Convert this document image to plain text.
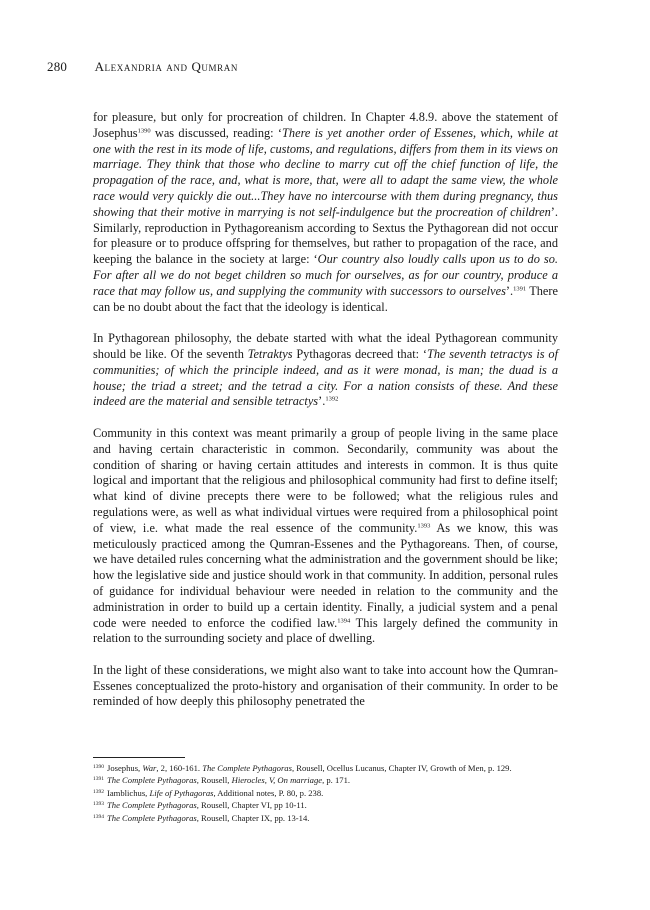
280 Alexandria and Qumran

for pleasure, but only for procreation of children. In Chapter 4.8.9. above the statement of Josephus$^{1390}$ was discussed, reading: ‘There is yet another order of Essenes, which, while at one with the rest in its mode of life, customs, and regulations, differs from them in its views on marriage. They think that those who decline to marry cut off the chief function of life, the propagation of the race, and, what is more, that, were all to adapt the same view, the whole race would very quickly die out...They have no intercourse with them during pregnancy, thus showing that their motive in marrying is not self-indulgence but the procreation of children’. Similarly, reproduction in Pythagoreanism according to Sextus the Pythagorean did not occur for pleasure or to produce offspring for themselves, but rather to propagation of the race, and keeping the balance in the society at large: ‘Our country also loudly calls upon us to do so. For after all we do not beget children so much for ourselves, as for our country, produce a race that may follow us, and supplying the community with successors to ourselves’.$^{1391}$ There can be no doubt about the fact that the ideology is identical.

In Pythagorean philosophy, the debate started with what the ideal Pythagorean community should be like. Of the seventh Tetraktys Pythagoras decreed that: ‘The seventh tetractys is of communities; of which the principle indeed, and as it were monad, is man; the duad is a house; the triad a street; and the tetrad a city. For a nation consists of these. And these indeed are the material and sensible tetractys’.$^{1392}$

Community in this context was meant primarily a group of people living in the same place and having certain characteristic in common. Secondarily, community was about the condition of sharing or having certain attitudes and interests in common. It is thus quite logical and important that the religious and philosophical community had first to define itself; what kind of divine precepts there were to be followed; what the religious rules and regulations were, as well as what individual virtues were required from a philosophical point of view, i.e. what made the real essence of the community.$^{1393}$ As we know, this was meticulously practiced among the Qumran-Essenes and the Pythagoreans. Then, of course, we have detailed rules concerning what the administration and the government should be like; how the legislative side and justice should work in that community. In addition, personal rules of guidance for individual behaviour were needed in relation to the community and the administration in order to build up a certain identity. Finally, a judicial system and a penal code were needed to enforce the codified law.$^{1394}$ This largely defined the community in relation to the surrounding society and place of dwelling.

In the light of these considerations, we might also want to take into account how the Qumran-Essenes conceptualized the proto-history and organisation of their community. In order to be reminded of how deeply this philosophy penetrated the

$^{1390}$ Josephus, War, 2, 160-161. The Complete Pythagoras, Rousell, Ocellus Lucanus, Chapter IV, Growth of Men, p. 129.
$^{1391}$ The Complete Pythagoras, Rousell, Hierocles, V, On marriage, p. 171.
$^{1392}$ Iamblichus, Life of Pythagoras, Additional notes, P. 80, p. 238.
$^{1393}$ The Complete Pythagoras, Rousell, Chapter VI, pp 10-11.
$^{1394}$ The Complete Pythagoras, Rousell, Chapter IX, pp. 13-14.
